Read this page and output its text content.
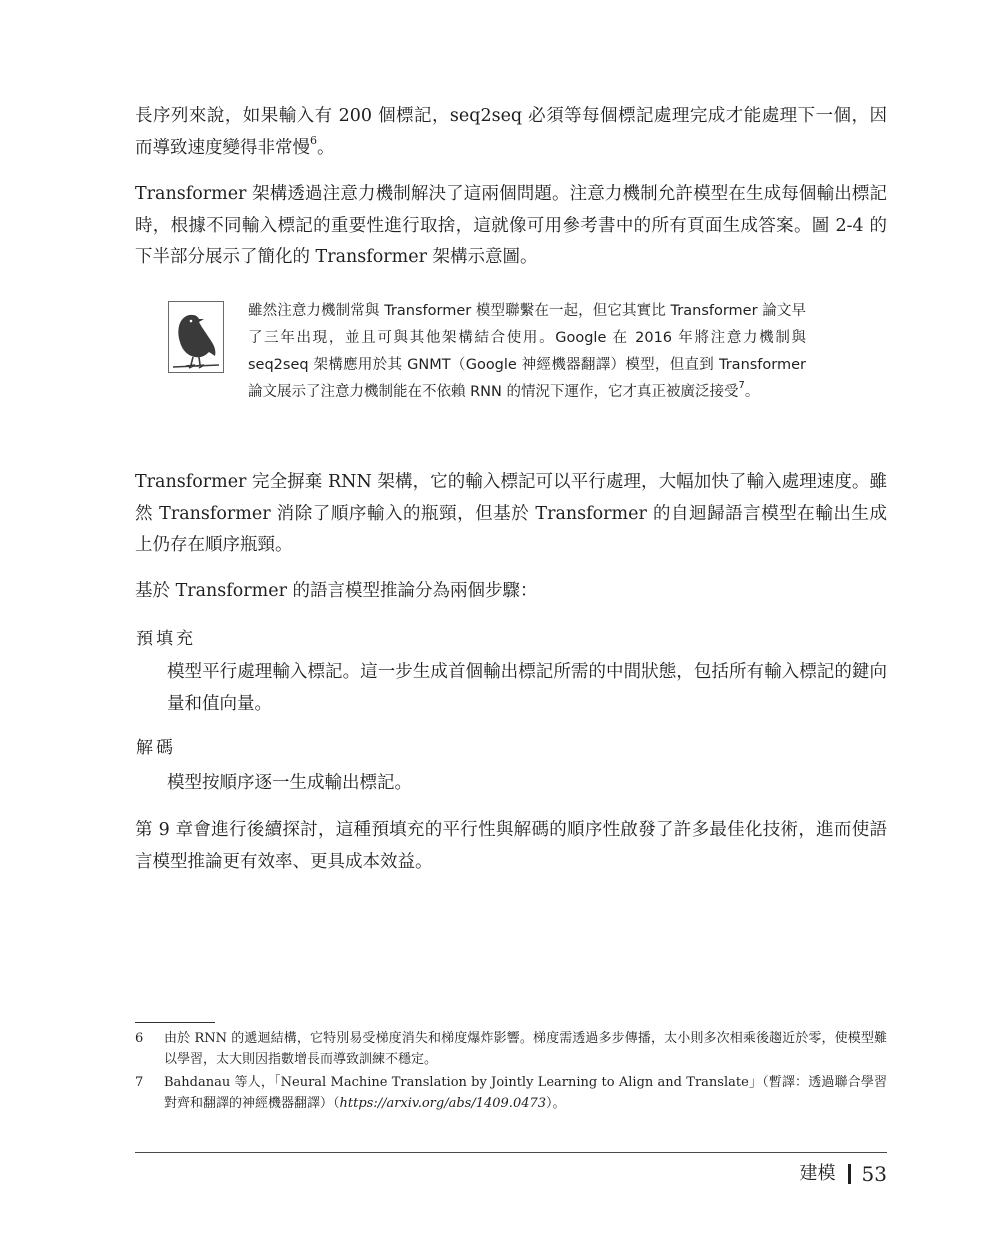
長序列來說，如果輸入有 200 個標記，seq2seq 必須等每個標記處理完成才能處理下一個，因而導致速度變得非常慢$^6$。

Transformer 架構透過注意力機制解決了這兩個問題。注意力機制允許模型在生成每個輸出標記時，根據不同輸入標記的重要性進行取捨，這就像可用參考書中的所有頁面生成答案。圖 2-4 的下半部分展示了簡化的 Transformer 架構示意圖。

雖然注意力機制常與 Transformer 模型聯繫在一起，但它其實比 Transformer 論文早了三年出現，並且可與其他架構結合使用。Google 在 2016 年將注意力機制與 seq2seq 架構應用於其 GNMT（Google 神經機器翻譯）模型，但直到 Transformer 論文展示了注意力機制能在不依賴 RNN 的情況下運作，它才真正被廣泛接受$^7$。

Transformer 完全摒棄 RNN 架構，它的輸入標記可以平行處理，大幅加快了輸入處理速度。雖然 Transformer 消除了順序輸入的瓶頸，但基於 Transformer 的自迴歸語言模型在輸出生成上仍存在順序瓶頸。

基於 Transformer 的語言模型推論分為兩個步驟：

預填充

模型平行處理輸入標記。這一步生成首個輸出標記所需的中間狀態，包括所有輸入標記的鍵向量和值向量。

解碼

模型按順序逐一生成輸出標記。

第 9 章會進行後續探討，這種預填充的平行性與解碼的順序性啟發了許多最佳化技術，進而使語言模型推論更有效率、更具成本效益。

6	由於 RNN 的遞迴結構，它特別易受梯度消失和梯度爆炸影響。梯度需透過多步傳播，太小則多次相乘後趨近於零，使模型難以學習，太大則因指數增長而導致訓練不穩定。
7	Bahdanau 等人，「Neural Machine Translation by Jointly Learning to Align and Translate」（暫譯：透過聯合學習對齊和翻譯的神經機器翻譯）（https://arxiv.org/abs/1409.0473）。
建模 53
